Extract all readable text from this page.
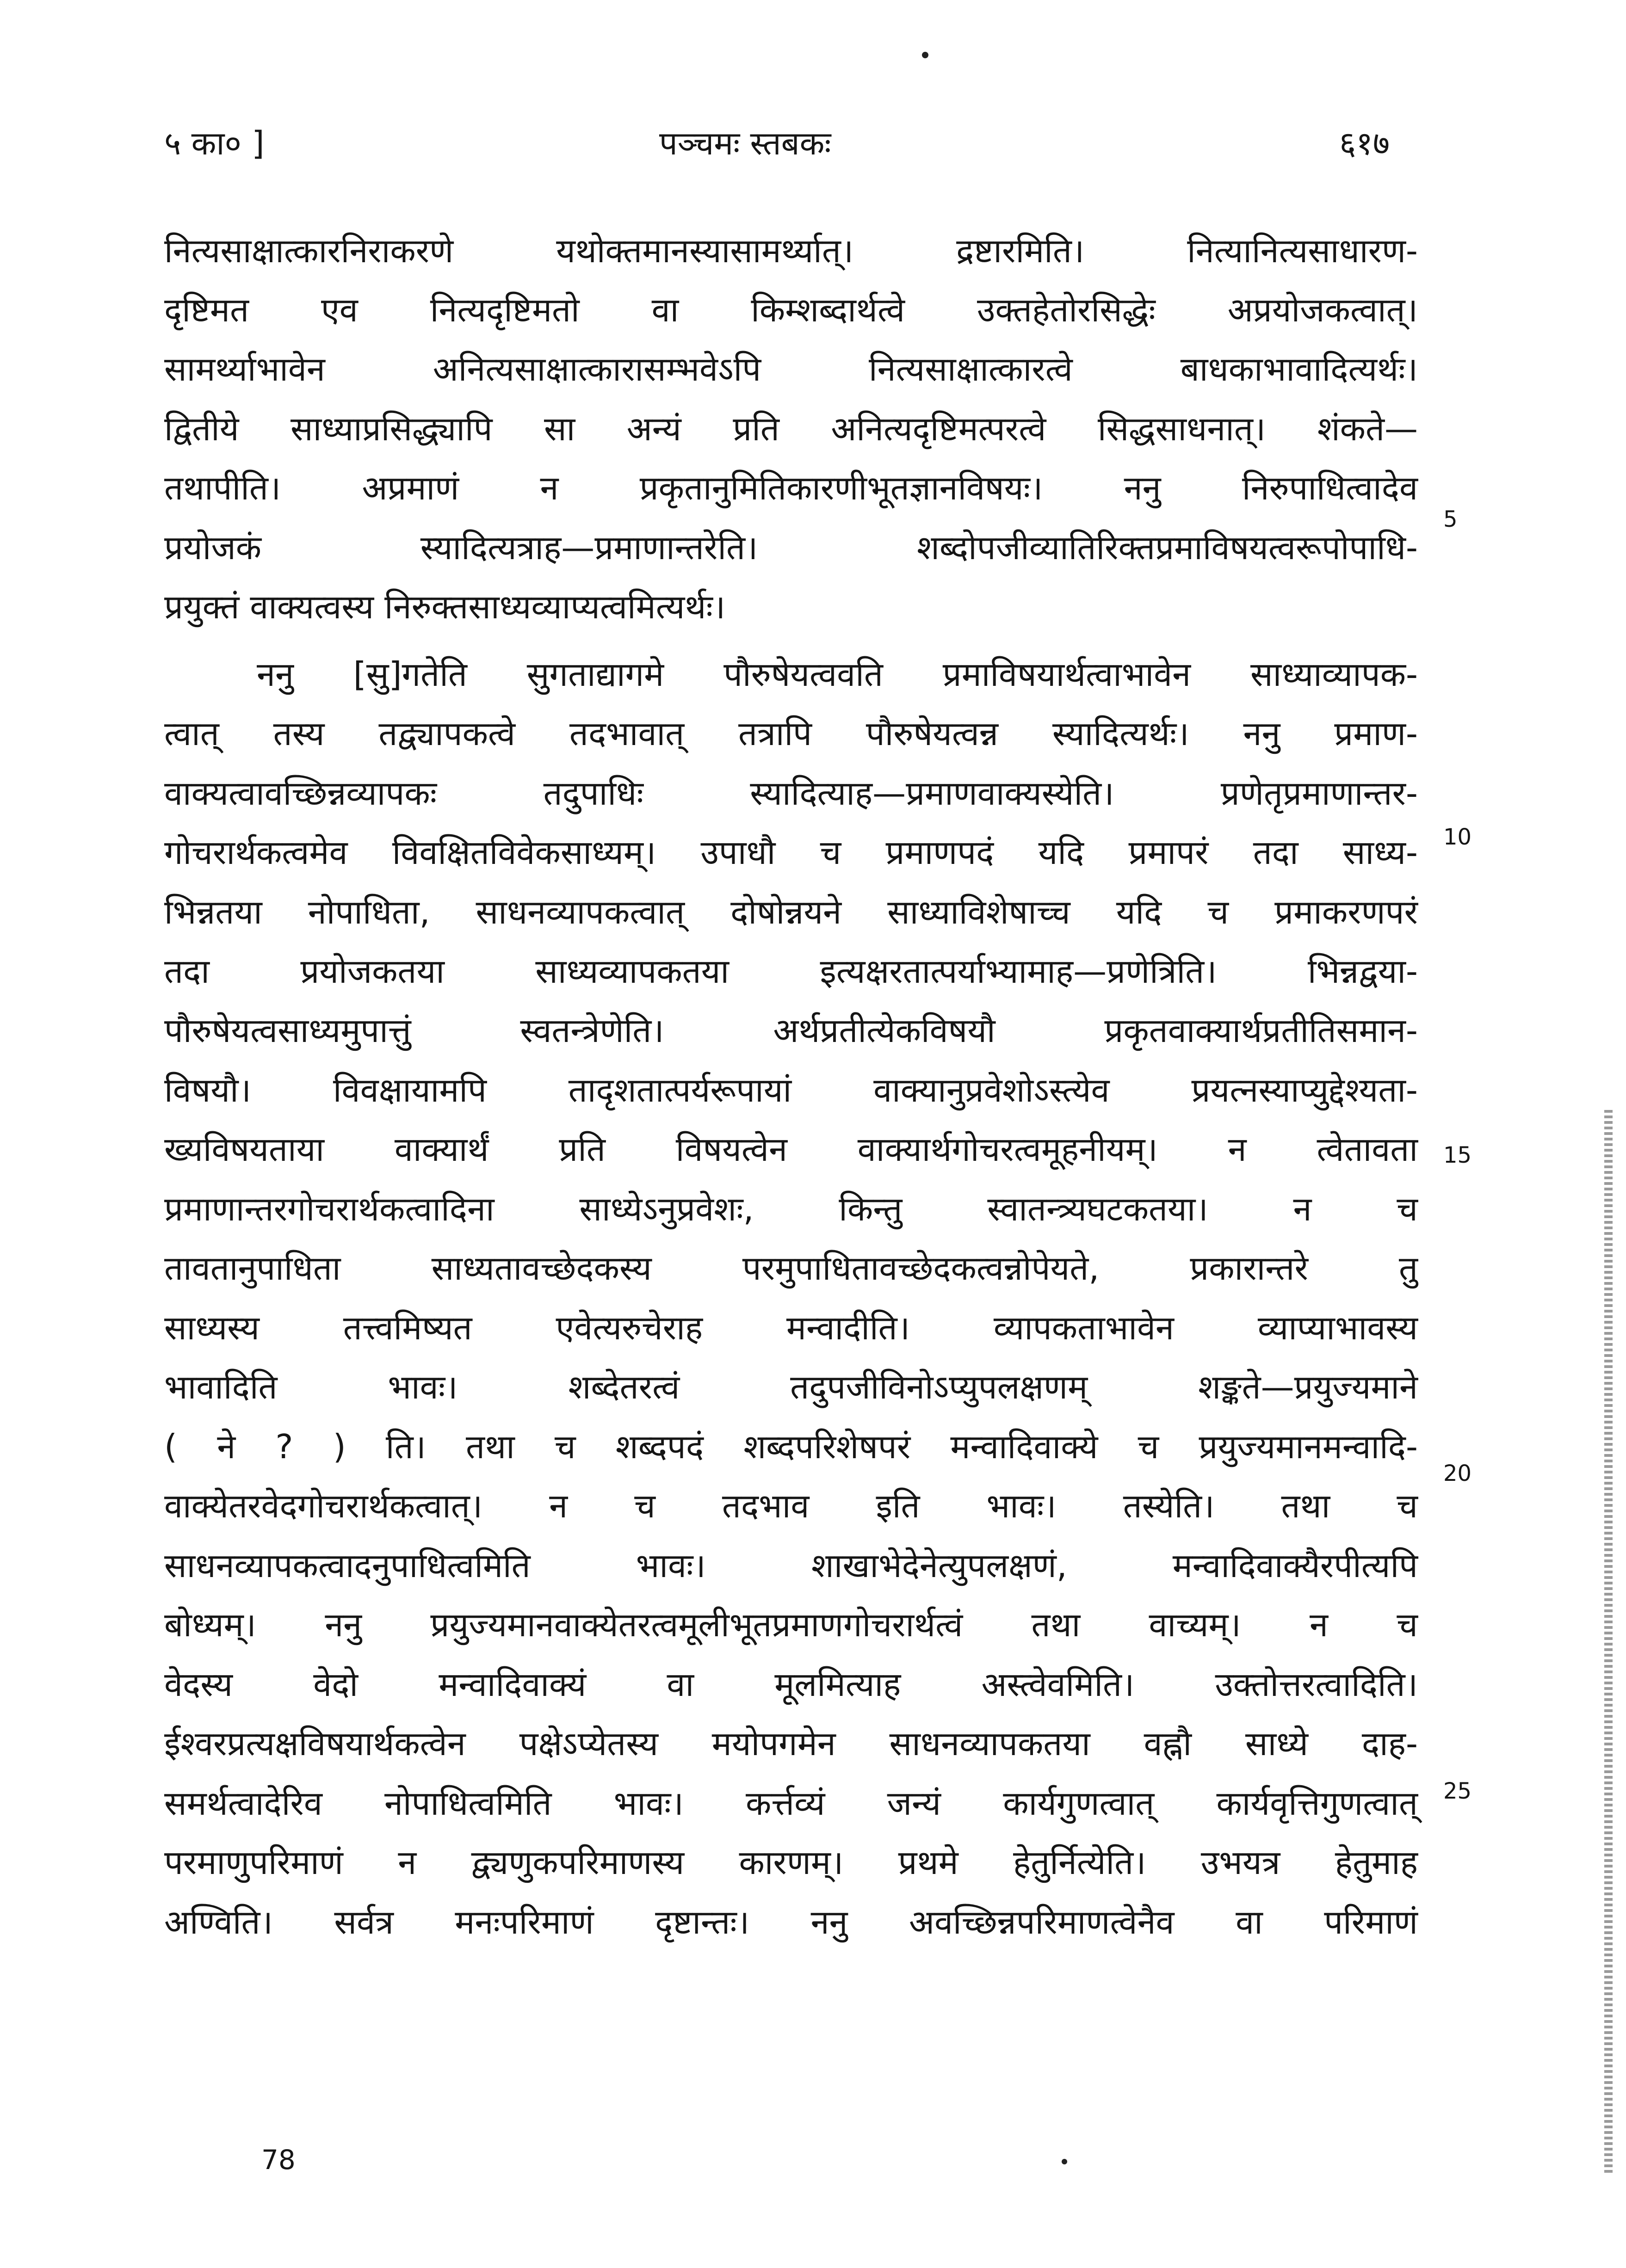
५ का० ]	पञ्चमः स्तबकः	६१७
नित्यसाक्षात्कारनिराकरणे यथोक्तमानस्यासामर्थ्यात्। द्रष्टारमिति। नित्यानित्यसाधारण-
दृष्टिमत एव नित्यदृष्टिमतो वा किम्शब्दार्थत्वे उक्तहेतोरसिद्धेः अप्रयोजकत्वात्।
सामर्थ्याभावेन अनित्यसाक्षात्कारासम्भवेऽपि नित्यसाक्षात्कारत्वे बाधकाभावादित्यर्थः।
द्वितीये साध्याप्रसिद्ध्यापि सा अन्यं प्रति अनित्यदृष्टिमत्परत्वे सिद्धसाधनात्। शंकते—
तथापीति। अप्रमाणं न प्रकृतानुमितिकारणीभूतज्ञानविषयः। ननु निरुपाधित्वादेव
प्रयोजकं स्यादित्यत्राह—प्रमाणान्तरेति। शब्दोपजीव्यातिरिक्तप्रमाविषयत्वरूपोपाधि-
प्रयुक्तं वाक्यत्वस्य निरुक्तसाध्यव्याप्यत्वमित्यर्थः।
ननु [सु]गतेति सुगताद्यागमे पौरुषेयत्ववति प्रमाविषयार्थत्वाभावेन साध्याव्यापक-
त्वात् तस्य तद्व्यापकत्वे तदभावात् तत्रापि पौरुषेयत्वन्न स्यादित्यर्थः। ननु प्रमाण-
वाक्यत्वावच्छिन्नव्यापकः तदुपाधिः स्यादित्याह—प्रमाणवाक्यस्येति। प्रणेतृप्रमाणान्तर-
गोचरार्थकत्वमेव विवक्षितविवेकसाध्यम्। उपाधौ च प्रमाणपदं यदि प्रमापरं तदा साध्य-
भिन्नतया नोपाधिता, साधनव्यापकत्वात् दोषोन्नयने साध्याविशेषाच्च यदि च प्रमाकरणपरं
तदा प्रयोजकतया साध्यव्यापकतया इत्यक्षरतात्पर्याभ्यामाह—प्रणेत्रिति। भिन्नद्वया-
पौरुषेयत्वसाध्यमुपात्तुं स्वतन्त्रेणेति। अर्थप्रतीत्येकविषयौ प्रकृतवाक्यार्थप्रतीतिसमान-
विषयौ। विवक्षायामपि तादृशतात्पर्यरूपायां वाक्यानुप्रवेशोऽस्त्येव प्रयत्नस्याप्युद्देश्यता-
ख्यविषयताया वाक्यार्थं प्रति विषयत्वेन वाक्यार्थगोचरत्वमूहनीयम्। न त्वेतावता
प्रमाणान्तरगोचरार्थकत्वादिना साध्येऽनुप्रवेशः, किन्तु स्वातन्त्र्यघटकतया। न च
तावतानुपाधिता साध्यतावच्छेदकस्य परमुपाधितावच्छेदकत्वन्नोपेयते, प्रकारान्तरे तु
साध्यस्य तत्त्वमिष्यत एवेत्यरुचेराह मन्वादीति। व्यापकताभावेन व्याप्याभावस्य
भावादिति भावः। शब्देतरत्वं तदुपजीविनोऽप्युपलक्षणम् शङ्कते—प्रयुज्यमाने
( ने ? ) ति। तथा च शब्दपदं शब्दपरिशेषपरं मन्वादिवाक्ये च प्रयुज्यमानमन्वादि-
वाक्येतरवेदगोचरार्थकत्वात्। न च तदभाव इति भावः। तस्येति। तथा च
साधनव्यापकत्वादनुपाधित्वमिति भावः। शाखाभेदेनेत्युपलक्षणं, मन्वादिवाक्यैरपीत्यपि
बोध्यम्। ननु प्रयुज्यमानवाक्येतरत्वमूलीभूतप्रमाणगोचरार्थत्वं तथा वाच्यम्। न च
वेदस्य वेदो मन्वादिवाक्यं वा मूलमित्याह अस्त्वेवमिति। उक्तोत्तरत्वादिति।
ईश्वरप्रत्यक्षविषयार्थकत्वेन पक्षेऽप्येतस्य मयोपगमेन साधनव्यापकतया वह्नौ साध्ये दाह-
समर्थत्वादेरिव नोपाधित्वमिति भावः। कर्त्तव्यं जन्यं कार्यगुणत्वात् कार्यवृत्तिगुणत्वात्
परमाणुपरिमाणं न द्व्यणुकपरिमाणस्य कारणम्। प्रथमे हेतुर्नित्येति। उभयत्र हेतुमाह
अण्विति। सर्वत्र मनःपरिमाणं दृष्टान्तः। ननु अवच्छिन्नपरिमाणत्वेनैव वा परिमाणं
5
10
15
20
25
78
